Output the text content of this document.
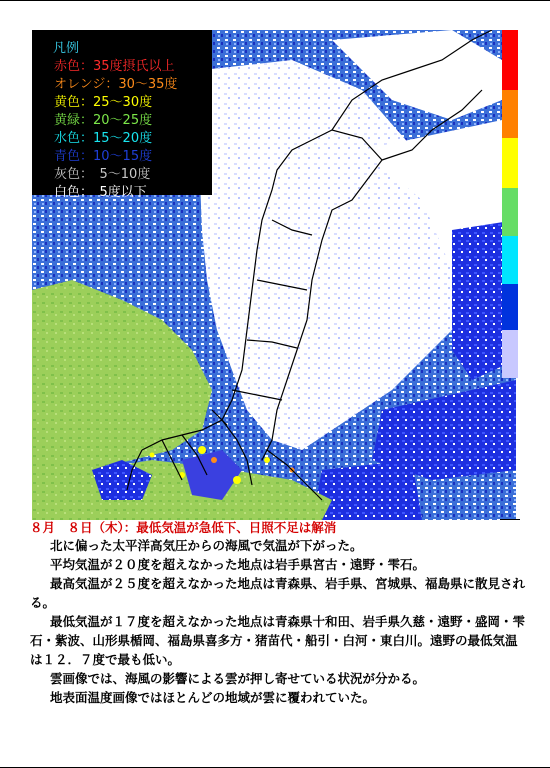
凡例
赤色：35度摂氏以上
オレンジ：30～35度
黄色：25～30度
黄緑：20～25度
水色：15～20度
青色：10～15度
灰色：　5～10度
白色：　5度以下
８月　８日（木）：最低気温が急低下、日照不足は解消

北に偏った太平洋高気圧からの海風で気温が下がった。

平均気温が２０度を超えなかった地点は岩手県宮古・遠野・雫石。

最高気温が２５度を超えなかった地点は青森県、岩手県、宮城県、福島県に散見される。

最低気温が１７度を超えなかった地点は青森県十和田、岩手県久慈・遠野・盛岡・雫石・紫波、山形県楯岡、福島県喜多方・猪苗代・船引・白河・東白川。遠野の最低気温は１２．７度で最も低い。

雲画像では、海風の影響による雲が押し寄せている状況が分かる。

地表面温度画像ではほとんどの地域が雲に覆われていた。
